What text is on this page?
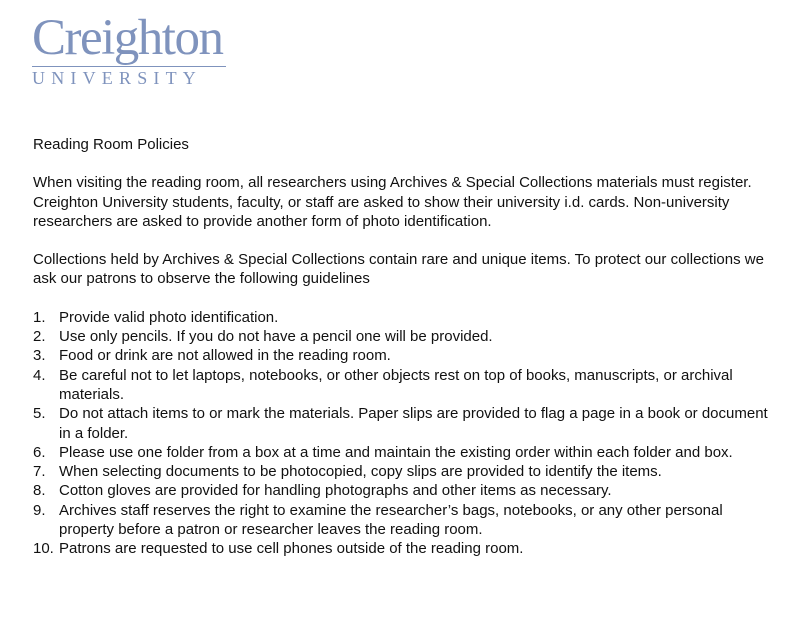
Creighton
UNIVERSITY
Reading Room Policies

When visiting the reading room, all researchers using Archives & Special Collections materials must register. Creighton University students, faculty, or staff are asked to show their university i.d. cards. Non-university researchers are asked to provide another form of photo identification.

Collections held by Archives & Special Collections contain rare and unique items. To protect our collections we ask our patrons to observe the following guidelines

1. Provide valid photo identification.
2. Use only pencils. If you do not have a pencil one will be provided.
3. Food or drink are not allowed in the reading room.
4. Be careful not to let laptops, notebooks, or other objects rest on top of books, manuscripts, or archival materials.
5. Do not attach items to or mark the materials. Paper slips are provided to flag a page in a book or document in a folder.
6. Please use one folder from a box at a time and maintain the existing order within each folder and box.
7. When selecting documents to be photocopied, copy slips are provided to identify the items.
8. Cotton gloves are provided for handling photographs and other items as necessary.
9. Archives staff reserves the right to examine the researcher’s bags, notebooks, or any other personal property before a patron or researcher leaves the reading room.
10. Patrons are requested to use cell phones outside of the reading room.
